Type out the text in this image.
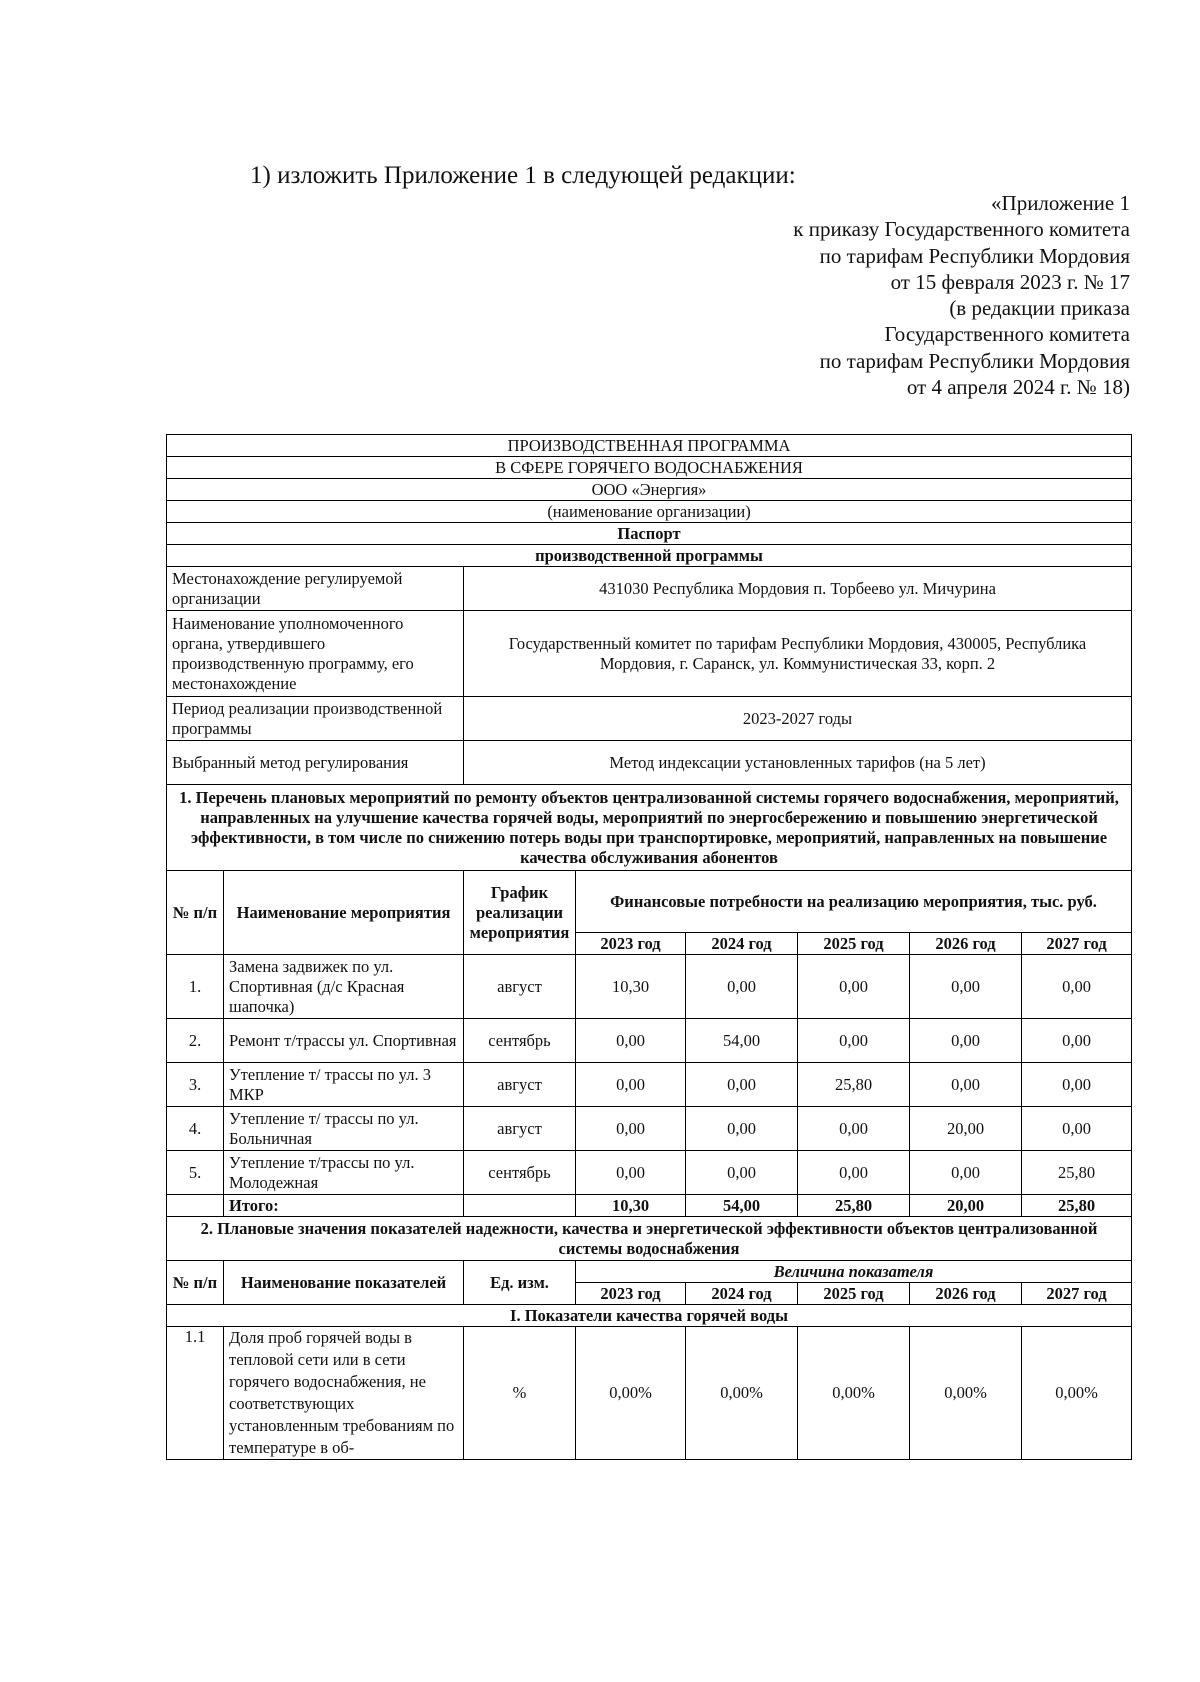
1) изложить Приложение 1 в следующей редакции:
«Приложение 1
к приказу Государственного комитета
по тарифам Республики Мордовия
от 15 февраля 2023 г. № 17
(в редакции приказа
Государственного комитета
по тарифам Республики Мордовия
от 4 апреля 2024 г. № 18)
ПРОИЗВОДСТВЕННАЯ ПРОГРАММА							
В СФЕРЕ ГОРЯЧЕГО ВОДОСНАБЖЕНИЯ							
ООО «Энергия»							
(наименование организации)							
Паспорт							
производственной программы							
Местонахождение регулируемой организации		431030 Республика Мордовия п. Торбеево ул. Мичурина					
Наименование уполномоченного органа, утвердившего производственную программу, его местонахождение		Государственный комитет по тарифам Республики Мордовия, 430005, Республика Мордовия, г. Саранск, ул. Коммунистическая 33, корп. 2					
Период реализации производственной программы		2023-2027 годы					
Выбранный метод регулирования		Метод индексации установленных тарифов (на 5 лет)					
1. Перечень плановых мероприятий по ремонту объектов централизованной системы горячего водоснабжения, мероприятий, направленных на улучшение качества горячей воды, мероприятий по энергосбережению и повышению энергетической эффективности, в том числе по снижению потерь воды при транспортировке, мероприятий, направленных на повышение качества обслуживания абонентов							
№ п/п	Наименование мероприятия	График реализации мероприятия	Финансовые потребности на реализацию мероприятия, тыс. руб.				
			2023 год	2024 год	2025 год	2026 год	2027 год
1.	Замена задвижек по ул. Спортивная (д/с Красная шапочка)	август	10,30	0,00	0,00	0,00	0,00
2.	Ремонт т/трассы ул. Спортивная	сентябрь	0,00	54,00	0,00	0,00	0,00
3.	Утепление т/ трассы по ул. 3 МКР	август	0,00	0,00	25,80	0,00	0,00
4.	Утепление т/ трассы по ул. Больничная	август	0,00	0,00	0,00	20,00	0,00
5.	Утепление т/трассы по ул. Молодежная	сентябрь	0,00	0,00	0,00	0,00	25,80
	Итого:		10,30	54,00	25,80	20,00	25,80
2. Плановые значения показателей надежности, качества и энергетической эффективности объектов централизованной системы водоснабжения							
№ п/п	Наименование показателей	Ед. изм.	Величина показателя				
			2023 год	2024 год	2025 год	2026 год	2027 год
I. Показатели качества горячей воды							
1.1	Доля проб горячей воды в тепловой сети или в сети горячего водоснабжения, не соответствующих установленным требованиям по температуре в об-	%	0,00%	0,00%	0,00%	0,00%	0,00%
